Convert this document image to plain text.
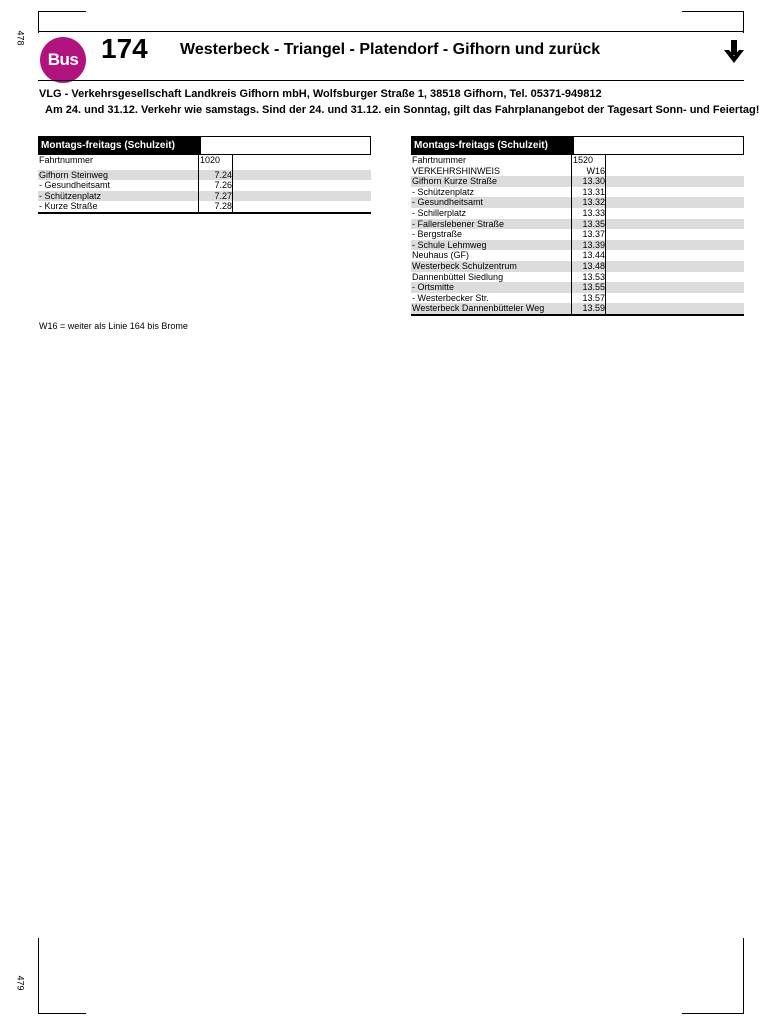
478
479
Bus 174 Westerbeck - Triangel - Platendorf - Gifhorn und zurück
VLG - Verkehrsgesellschaft Landkreis Gifhorn mbH, Wolfsburger Straße 1, 38518 Gifhorn, Tel. 05371-949812
Am 24. und 31.12. Verkehr wie samstags. Sind der 24. und 31.12. ein Sonntag, gilt das Fahrplanangebot der Tagesart Sonn- und Feiertag!
Montags-freitags (Schulzeit)
Fahrtnummer	1020
Gifhorn Steinweg	7.24
- Gesundheitsamt	7.26
- Schützenplatz	7.27
- Kurze Straße	7.28
Montags-freitags (Schulzeit)
Fahrtnummer	1520
VERKEHRSHINWEIS	W16
Gifhorn Kurze Straße	13.30
- Schützenplatz	13.31
- Gesundheitsamt	13.32
- Schillerplatz	13.33
- Fallerslebener Straße	13.35
- Bergstraße	13.37
- Schule Lehmweg	13.39
Neuhaus (GF)	13.44
Westerbeck Schulzentrum	13.48
Dannenbüttel Siedlung	13.53
- Ortsmitte	13.55
- Westerbecker Str.	13.57
Westerbeck Dannenbütteler Weg	13.59
W16 = weiter als Linie 164 bis Brome
